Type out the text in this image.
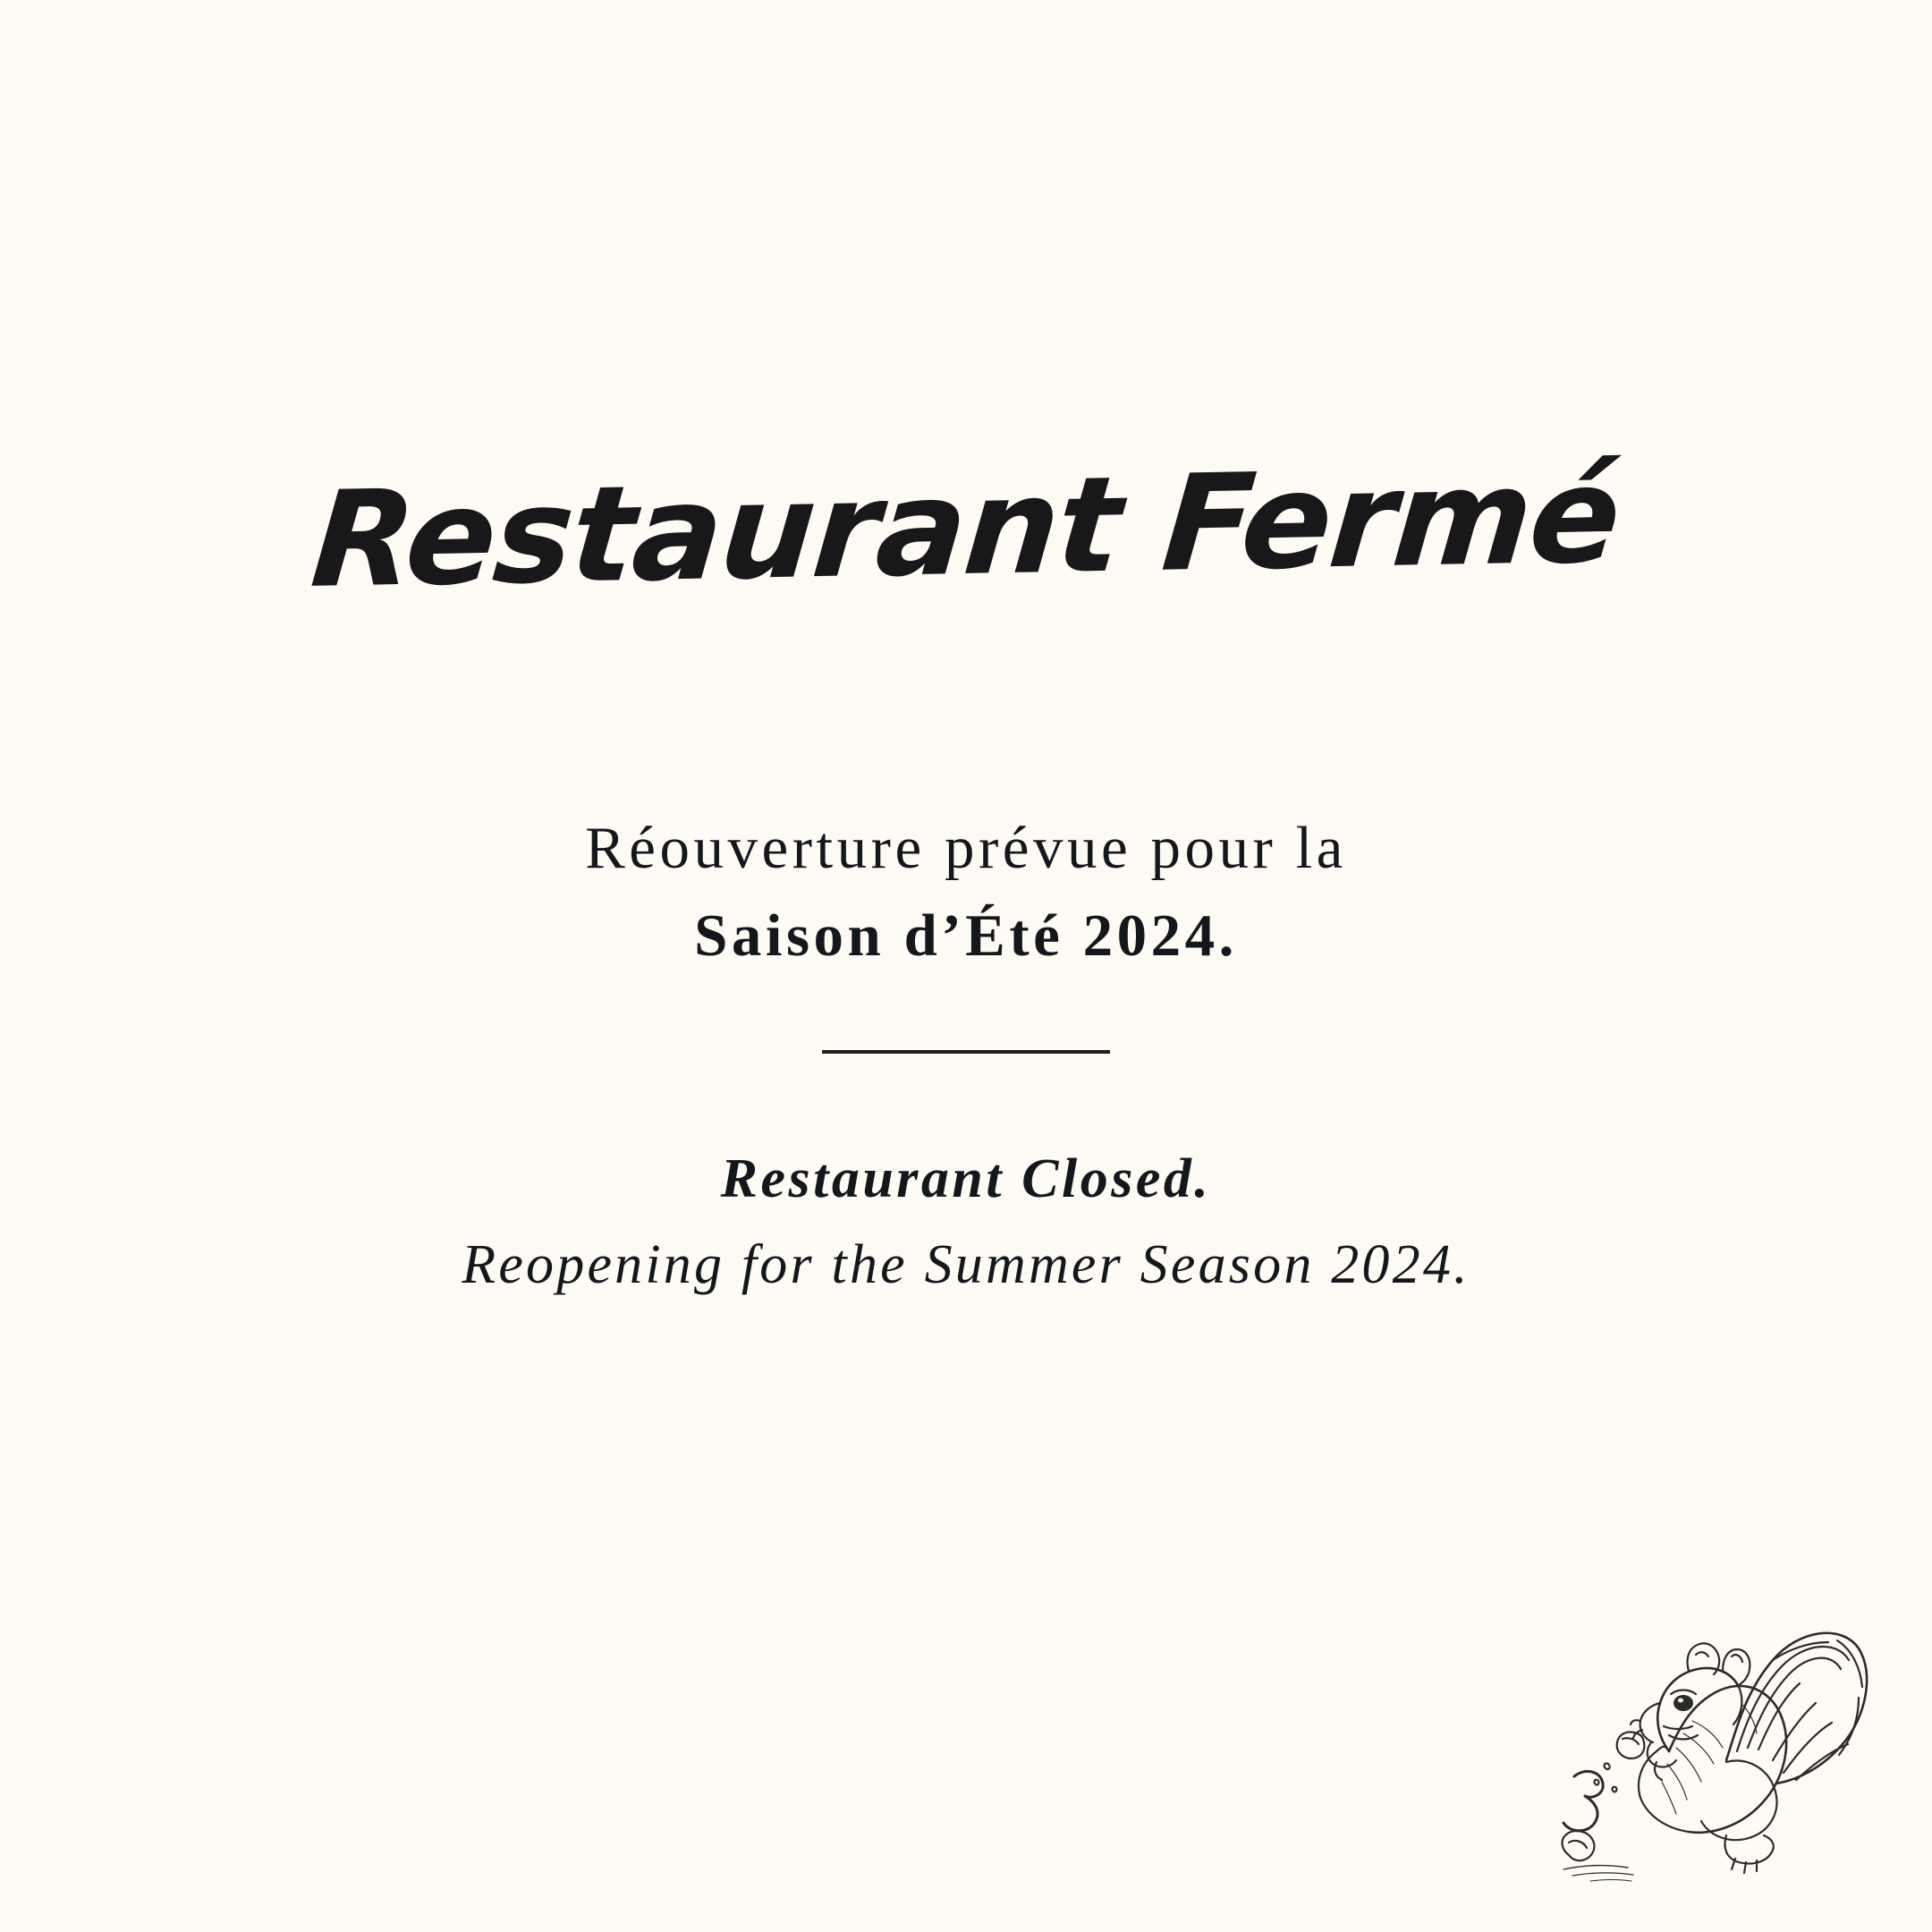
Restaurant Fermé
Réouverture prévue pour la
Saison d’Été 2024.
Restaurant Closed.
Reopening for the Summer Season 2024.
